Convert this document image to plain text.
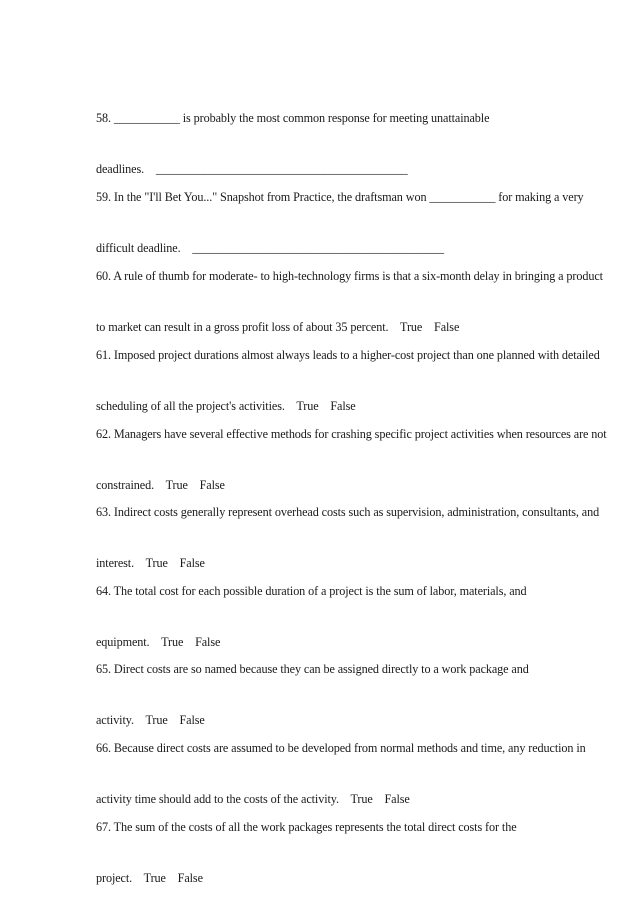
58. ___________ is probably the most common response for meeting unattainable

deadlines.    __________________________________________

59. In the "I'll Bet You..." Snapshot from Practice, the draftsman won ___________ for making a very

difficult deadline.    __________________________________________

60. A rule of thumb for moderate- to high-technology firms is that a six-month delay in bringing a product

to market can result in a gross profit loss of about 35 percent. True False

61. Imposed project durations almost always leads to a higher-cost project than one planned with detailed

scheduling of all the project's activities. True False

62. Managers have several effective methods for crashing specific project activities when resources are not

constrained. True False

63. Indirect costs generally represent overhead costs such as supervision, administration, consultants, and

interest. True False

64. The total cost for each possible duration of a project is the sum of labor, materials, and

equipment. True False

65. Direct costs are so named because they can be assigned directly to a work package and

activity. True False

66. Because direct costs are assumed to be developed from normal methods and time, any reduction in

activity time should add to the costs of the activity. True False

67. The sum of the costs of all the work packages represents the total direct costs for the

project. True False
